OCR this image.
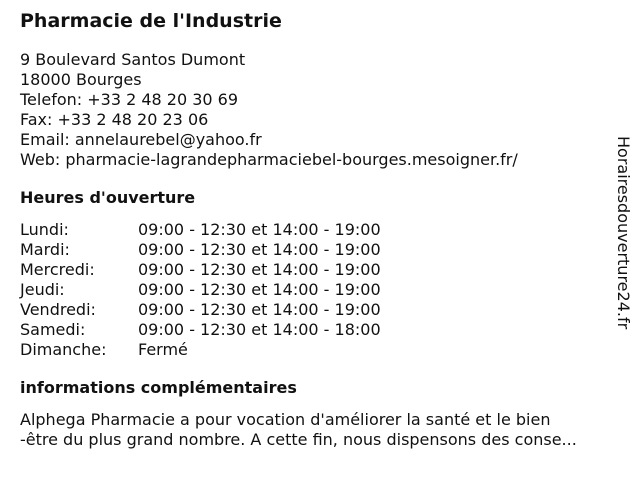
Pharmacie de l'Industrie
9 Boulevard Santos Dumont
18000 Bourges
Telefon: +33 2 48 20 30 69
Fax: +33 2 48 20 23 06
Email: annelaurebel@yahoo.fr
Web: pharmacie-lagrandepharmaciebel-bourges.mesoigner.fr/
Heures d'ouverture
Lundi:	09:00 - 12:30 et 14:00 - 19:00
Mardi:	09:00 - 12:30 et 14:00 - 19:00
Mercredi:	09:00 - 12:30 et 14:00 - 19:00
Jeudi:	09:00 - 12:30 et 14:00 - 19:00
Vendredi:	09:00 - 12:30 et 14:00 - 19:00
Samedi:	09:00 - 12:30 et 14:00 - 18:00
Dimanche:	Fermé
informations complémentaires
Alphega Pharmacie a pour vocation d'améliorer la santé et le bien
-être du plus grand nombre. A cette fin, nous dispensons des conse...
Horairesdouverture24.fr
